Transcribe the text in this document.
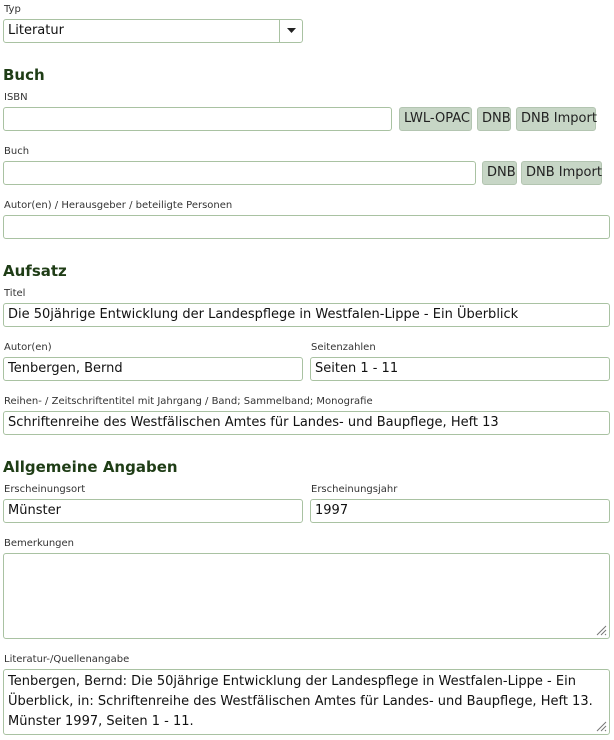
Typ
Literatur
Buch
ISBN
LWL-OPAC DNB DNB Import
Buch
DNB DNB Import
Autor(en) / Herausgeber / beteiligte Personen
Aufsatz
Titel
Die 50jährige Entwicklung der Landespflege in Westfalen-Lippe - Ein Überblick
Autor(en)
Tenbergen, Bernd
Seitenzahlen
Seiten 1 - 11
Reihen- / Zeitschriftentitel mit Jahrgang / Band; Sammelband; Monografie
Schriftenreihe des Westfälischen Amtes für Landes- und Baupflege, Heft 13
Allgemeine Angaben
Erscheinungsort
Münster
Erscheinungsjahr
1997
Bemerkungen
Literatur-/Quellenangabe
Tenbergen, Bernd: Die 50jährige Entwicklung der Landespflege in Westfalen-Lippe - Ein Überblick, in: Schriftenreihe des Westfälischen Amtes für Landes- und Baupflege, Heft 13. Münster 1997, Seiten 1 - 11.
